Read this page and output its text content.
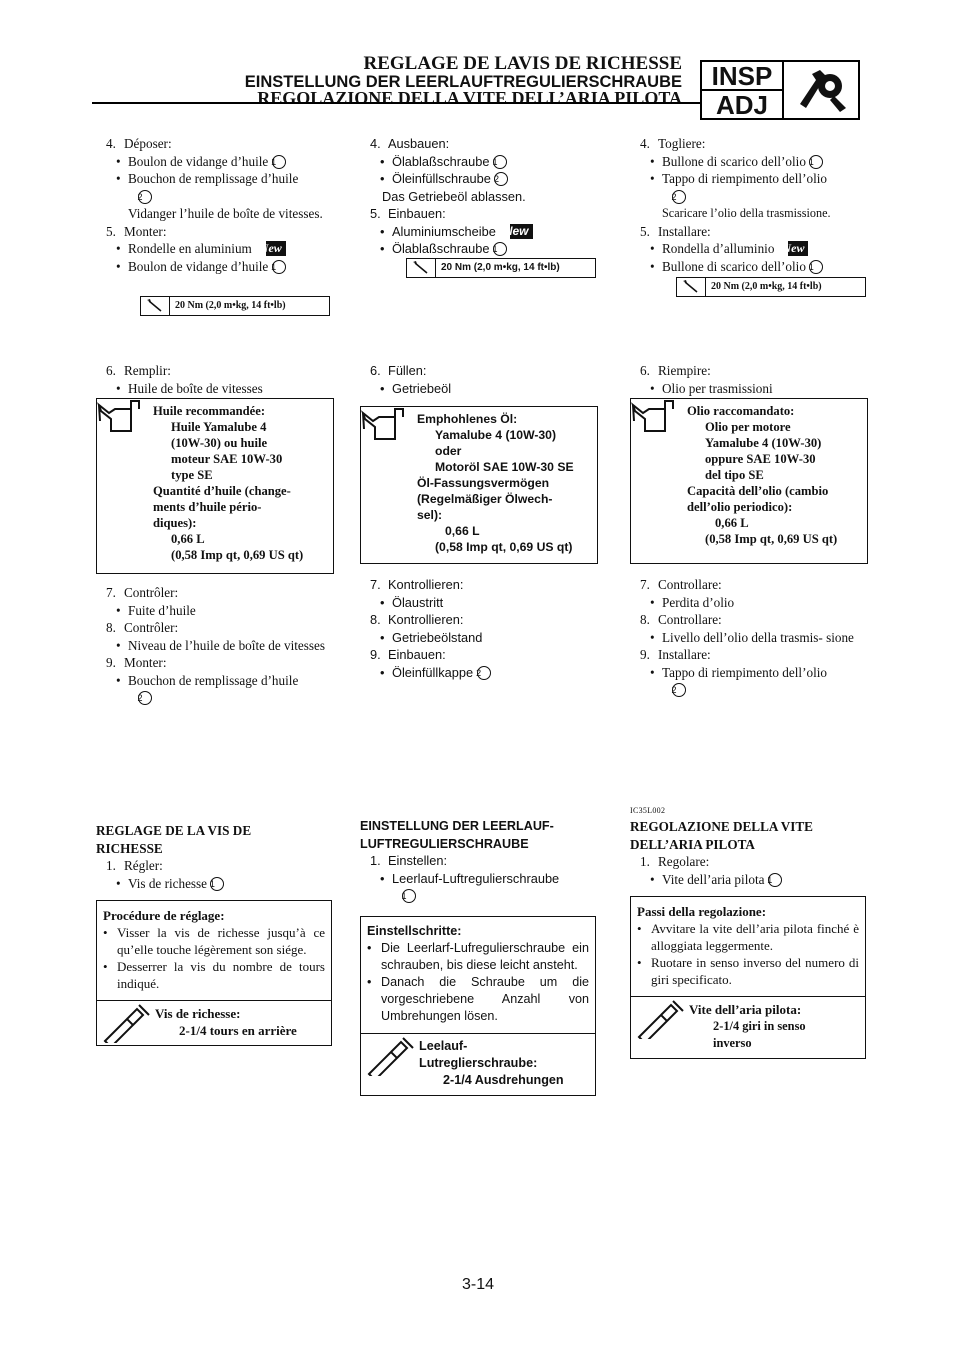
REGLAGE DE LAVIS DE RICHESSE
EINSTELLUNG DER LEERLAUFTREGULIERSCHRAUBE
REGOLAZIONE DELLA VITE DELL’ARIA PILOTA
INSP
ADJ
4. Déposer:
• Boulon de vidange d’huile 1
• Bouchon de remplissage d’huile
2
Vidanger l’huile de boîte de vitesses.
5. Monter:
• Rondelle en aluminium New
• Boulon de vidange d’huile 1
20 Nm (2,0 m•kg, 14 ft•lb)
6. Remplir:
• Huile de boîte de vitesses
Huile recommandée:
Huile Yamalube 4
(10W-30) ou huile
moteur SAE 10W-30
type SE
Quantité d’huile (change-
ments d’huile pério-
diques):
0,66 L
(0,58 Imp qt, 0,69 US qt)
7. Contrôler:
• Fuite d’huile
8. Contrôler:
• Niveau de l’huile de boîte de vitesses
9. Monter:
• Bouchon de remplissage d’huile
2
REGLAGE DE LA VIS DE
RICHESSE
1. Régler:
• Vis de richesse 1
Procédure de réglage:
• Visser la vis de richesse jusqu’à ce qu’elle touche légèrement son siége.
• Desserrer la vis du nombre de tours indiqué.
Vis de richesse:
2-1/4 tours en arrière
4. Ausbauen:
• Ölablaßschraube 1
• Öleinfüllschraube 2
Das Getriebeöl ablassen.
5. Einbauen:
• Aluminiumscheibe New
• Ölablaßschraube 1
20 Nm (2,0 m•kg, 14 ft•lb)
6. Füllen:
• Getriebeöl
Emphohlenes Öl:
Yamalube 4 (10W-30)
oder
Motoröl SAE 10W-30 SE
Öl-Fassungsvermögen
(Regelmäßiger Ölwech-
sel):
0,66 L
(0,58 Imp qt, 0,69 US qt)
7. Kontrollieren:
• Ölaustritt
8. Kontrollieren:
• Getriebeölstand
9. Einbauen:
• Öleinfüllkappe 2
EINSTELLUNG DER LEERLAUF-
LUFTREGULIERSCHRAUBE
1. Einstellen:
• Leerlauf-Luftregulierschraube
1
Einstellschritte:
• Die Leerlarf-Lufregulierschraube ein schrauben, bis diese leicht ansteht.
• Danach die Schraube um die vorgeschriebene Anzahl von Umbrehungen lösen.
Leelauf-
Lutreglierschraube:
2-1/4 Ausdrehungen
4. Togliere:
• Bullone di scarico dell’olio 1
• Tappo di riempimento dell’olio
2
Scaricare l’olio della trasmissione.
5. Installare:
• Rondella d’alluminio New
• Bullone di scarico dell’olio 1
20 Nm (2,0 m•kg, 14 ft•lb)
6. Riempire:
• Olio per trasmissioni
Olio raccomandato:
Olio per motore
Yamalube 4 (10W-30)
oppure SAE 10W-30
del tipo SE
Capacità dell’olio (cambio
dell’olio periodico):
0,66 L
(0,58 Imp qt, 0,69 US qt)
7. Controllare:
• Perdita d’olio
8. Controllare:
• Livello dell’olio della trasmis- sione
9. Installare:
• Tappo di riempimento dell’olio
2
IC35L002
REGOLAZIONE DELLA VITE
DELL’ARIA PILOTA
1. Regolare:
• Vite dell’aria pilota 1
Passi della regolazione:
• Avvitare la vite dell’aria pilota finché è alloggiata leggermente.
• Ruotare in senso inverso del numero di giri specificato.
Vite dell’aria pilota:
2-1/4 giri in senso
inverso
3-14
